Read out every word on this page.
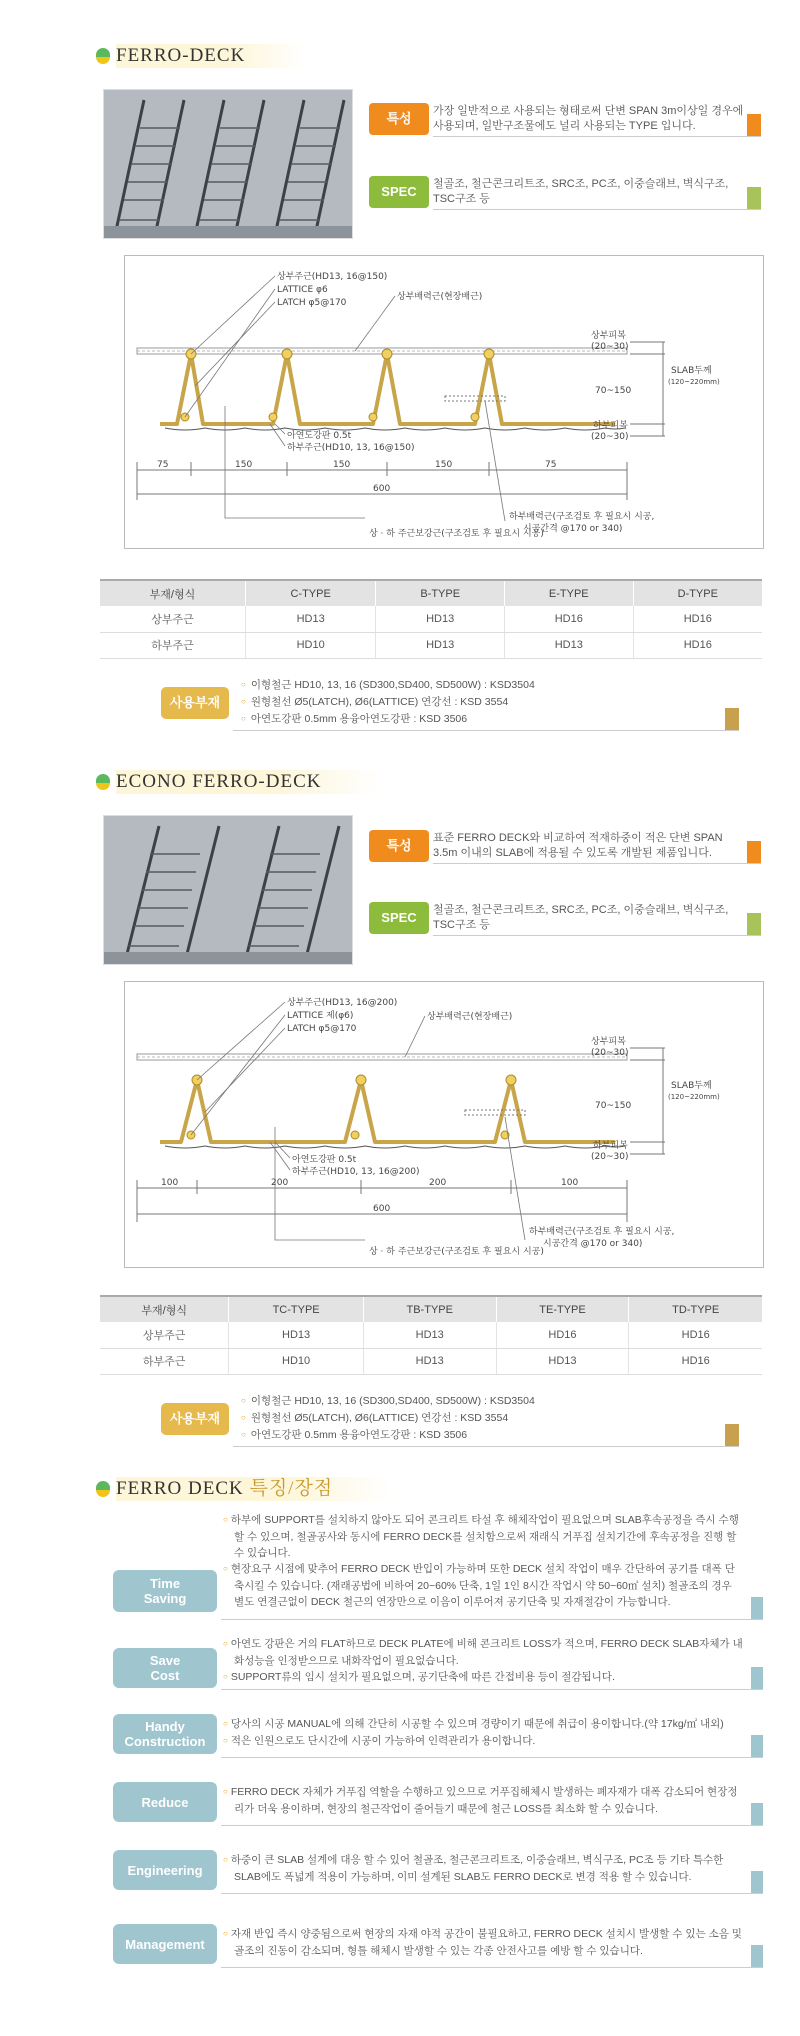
FERRO-DECK
특성	가장 일반적으로 사용되는 형태로써 단변 SPAN 3m이상일 경우에 사용되며, 일반구조물에도 널리 사용되는 TYPE 입니다.
SPEC	철골조, 철근콘크리트조, SRC조, PC조, 이중슬래브, 벽식구조, TSC구조 등
상부주근(HD13, 16@150)
LATTICE φ6
LATCH φ5@170
상부배력근(현장배근)
상부피복
(20~30)
70~150
SLAB두께
(120~220mm)
하부피복
(20~30)
아연도강판 0.5t
하부주근(HD10, 13, 16@150)
75	150	150	150	75
600
하부배력근(구조검토 후 필요시 시공,
시공간격 @170 or 340)
상 · 하 주근보강근(구조검토 후 필요시 시공)
부재/형식	C-TYPE	B-TYPE	E-TYPE	D-TYPE
상부주근	HD13	HD13	HD16	HD16
하부주근	HD10	HD13	HD13	HD16
사용부재
○ 이형철근 HD10, 13, 16 (SD300,SD400, SD500W) : KSD3504
○ 원형철선 Ø5(LATCH), Ø6(LATTICE) 연강선 : KSD 3554
○ 아연도강판 0.5mm 용융아연도강판 : KSD 3506
ECONO FERRO-DECK
특성	표준 FERRO DECK와 비교하여 적재하중이 적은 단변 SPAN 3.5m 이내의 SLAB에 적용될 수 있도록 개발된 제품입니다.
SPEC	철골조, 철근콘크리트조, SRC조, PC조, 이중슬래브, 벽식구조, TSC구조 등
상부주근(HD13, 16@200)
LATTICE 제(φ6)
LATCH φ5@170
상부배력근(현장배근)
상부피복
(20~30)
70~150
SLAB두께
(120~220mm)
하부피복
(20~30)
아연도강판 0.5t
하부주근(HD10, 13, 16@200)
100	200	200	100
600
하부배력근(구조검토 후 필요시 시공,
시공간격 @170 or 340)
상 · 하 주근보강근(구조검토 후 필요시 시공)
부재/형식	TC-TYPE	TB-TYPE	TE-TYPE	TD-TYPE
상부주근	HD13	HD13	HD16	HD16
하부주근	HD10	HD13	HD13	HD16
사용부재
○ 이형철근 HD10, 13, 16 (SD300,SD400, SD500W) : KSD3504
○ 원형철선 Ø5(LATCH), Ø6(LATTICE) 연강선 : KSD 3554
○ 아연도강판 0.5mm 용융아연도강판 : KSD 3506
FERRO DECK 특징/장점
Time
Saving
○ 하부에 SUPPORT를 설치하지 않아도 되어 콘크리트 타설 후 해체작업이 필요없으며 SLAB후속공정을 즉시 수행할 수 있으며, 철골공사와 동시에 FERRO DECK를 설치함으로써 재래식 거푸집 설치기간에 후속공정을 진행 할 수 있습니다.
○ 현장요구 시점에 맞추어 FERRO DECK 반입이 가능하며 또한 DECK 설치 작업이 매우 간단하여 공기를 대폭 단축시킬 수 있습니다. (재래공법에 비하여 20~60% 단축, 1일 1인 8시간 작업시 약 50~60㎡ 설치) 철골조의 경우 별도 연결근없이 DECK 철근의 연장만으로 이음이 이루어져 공기단축 및 자재절감이 가능합니다.
Save
Cost
○ 아연도 강판은 거의 FLAT하므로 DECK PLATE에 비해 콘크리트 LOSS가 적으며, FERRO DECK SLAB자체가 내화성능을 인정받으므로 내화작업이 필요없습니다.
○ SUPPORT류의 임시 설치가 필요없으며, 공기단축에 따른 간접비용 등이 절감됩니다.
Handy
Construction
○ 당사의 시공 MANUAL에 의해 간단히 시공할 수 있으며 경량이기 때문에 취급이 용이합니다.(약 17kg/㎡ 내외)
○ 적은 인원으로도 단시간에 시공이 가능하여 인력관리가 용이합니다.
Reduce
○ FERRO DECK 자체가 거푸집 역할을 수행하고 있으므로 거푸집해체시 발생하는 폐자재가 대폭 감소되어 현장정리가 더욱 용이하며, 현장의 철근작업이 줄어들기 때문에 철근 LOSS를 최소화 할 수 있습니다.
Engineering
○ 하중이 큰 SLAB 설계에 대응 할 수 있어 철골조, 철근콘크리트조, 이중슬래브, 벽식구조, PC조 등 기타 특수한 SLAB에도 폭넓게 적용이 가능하며, 이미 설계된 SLAB도 FERRO DECK로 변경 적용 할 수 있습니다.
Management
○ 자재 반입 즉시 양중됨으로써 현장의 자재 야적 공간이 불필요하고, FERRO DECK 설치시 발생할 수 있는 소음 및 골조의 진동이 감소되며, 형틀 해체시 발생할 수 있는 각종 안전사고를 예방 할 수 있습니다.
